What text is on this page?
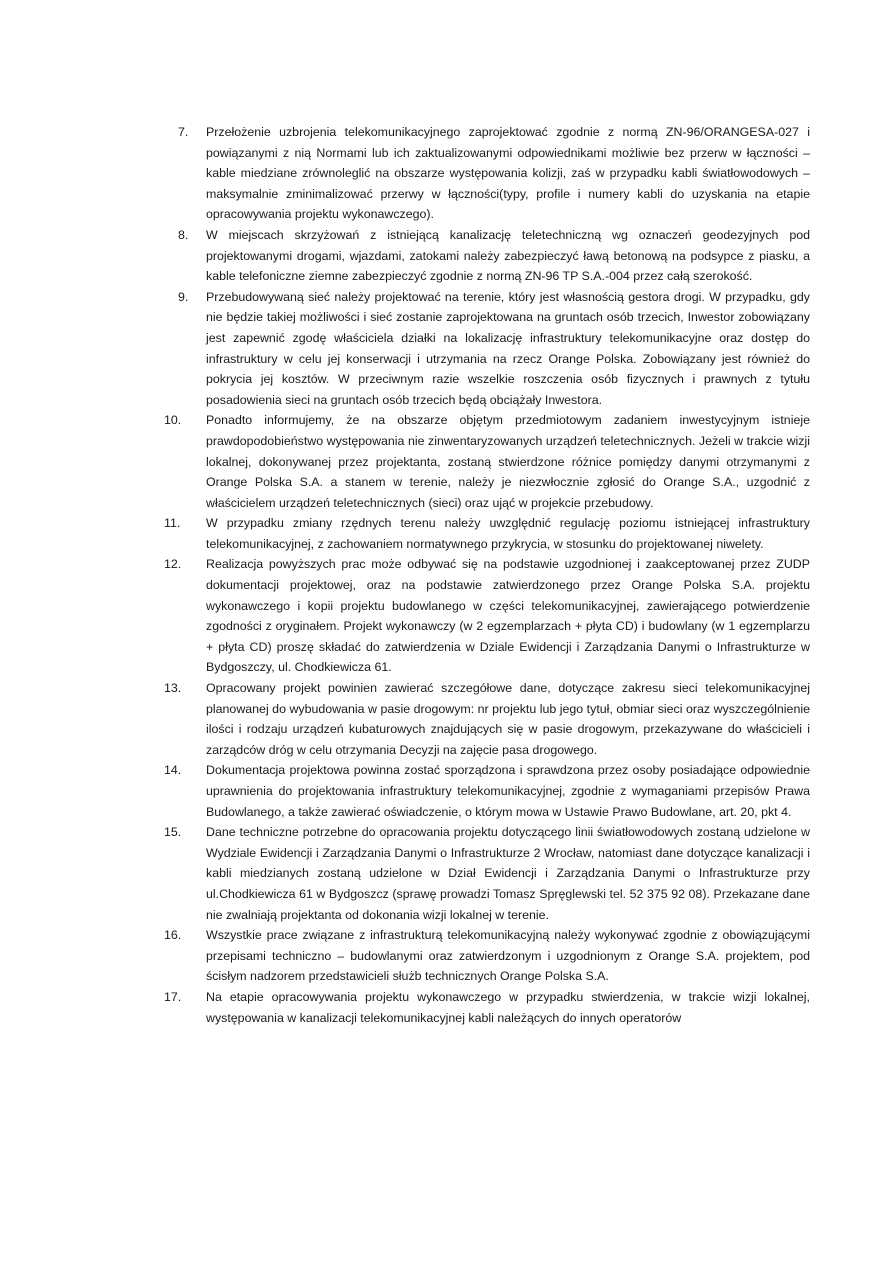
7. Przełożenie uzbrojenia telekomunikacyjnego zaprojektować zgodnie z normą ZN-96/ORANGESA-027 i powiązanymi z nią Normami lub ich zaktualizowanymi odpowiednikami możliwie bez przerw w łączności – kable miedziane zrównoleglić na obszarze występowania kolizji, zaś w przypadku kabli światłowodowych – maksymalnie zminimalizować przerwy w łączności(typy, profile i numery kabli do uzyskania na etapie opracowywania projektu wykonawczego).
8. W miejscach skrzyżowań z istniejącą kanalizację teletechniczną wg oznaczeń geodezyjnych pod projektowanymi drogami, wjazdami, zatokami należy zabezpieczyć ławą betonową na podsypce z piasku, a kable telefoniczne ziemne zabezpieczyć zgodnie z normą ZN-96 TP S.A.-004 przez całą szerokość.
9. Przebudowywaną sieć należy projektować na terenie, który jest własnością gestora drogi. W przypadku, gdy nie będzie takiej możliwości i sieć zostanie zaprojektowana na gruntach osób trzecich, Inwestor zobowiązany jest zapewnić zgodę właściciela działki na lokalizację infrastruktury telekomunikacyjne oraz dostęp do infrastruktury w celu jej konserwacji i utrzymania na rzecz Orange Polska. Zobowiązany jest również do pokrycia jej kosztów. W przeciwnym razie wszelkie roszczenia osób fizycznych i prawnych z tytułu posadowienia sieci na gruntach osób trzecich będą obciążały Inwestora.
10. Ponadto informujemy, że na obszarze objętym przedmiotowym zadaniem inwestycyjnym istnieje prawdopodobieństwo występowania nie zinwentaryzowanych urządzeń teletechnicznych. Jeżeli w trakcie wizji lokalnej, dokonywanej przez projektanta, zostaną stwierdzone różnice pomiędzy danymi otrzymanymi z Orange Polska S.A. a stanem w terenie, należy je niezwłocznie zgłosić do Orange S.A., uzgodnić z właścicielem urządzeń teletechnicznych (sieci) oraz ująć w projekcie przebudowy.
11. W przypadku zmiany rzędnych terenu należy uwzględnić regulację poziomu istniejącej infrastruktury telekomunikacyjnej, z zachowaniem normatywnego przykrycia, w stosunku do projektowanej niwelety.
12. Realizacja powyższych prac może odbywać się na podstawie uzgodnionej i zaakceptowanej przez ZUDP dokumentacji projektowej, oraz na podstawie zatwierdzonego przez Orange Polska S.A. projektu wykonawczego i kopii projektu budowlanego w części telekomunikacyjnej, zawierającego potwierdzenie zgodności z oryginałem. Projekt wykonawczy (w 2 egzemplarzach + płyta CD) i budowlany (w 1 egzemplarzu + płyta CD) proszę składać do zatwierdzenia w Dziale Ewidencji i Zarządzania Danymi o Infrastrukturze w Bydgoszczy, ul. Chodkiewicza 61.
13. Opracowany projekt powinien zawierać szczegółowe dane, dotyczące zakresu sieci telekomunikacyjnej planowanej do wybudowania w pasie drogowym: nr projektu lub jego tytuł, obmiar sieci oraz wyszczególnienie ilości i rodzaju urządzeń kubaturowych znajdujących się w pasie drogowym, przekazywane do właścicieli i zarządców dróg w celu otrzymania Decyzji na zajęcie pasa drogowego.
14. Dokumentacja projektowa powinna zostać sporządzona i sprawdzona przez osoby posiadające odpowiednie uprawnienia do projektowania infrastruktury telekomunikacyjnej, zgodnie z wymaganiami przepisów Prawa Budowlanego, a także zawierać oświadczenie, o którym mowa w Ustawie Prawo Budowlane, art. 20, pkt 4.
15. Dane techniczne potrzebne do opracowania projektu dotyczącego linii światłowodowych zostaną udzielone w Wydziale Ewidencji i Zarządzania Danymi o Infrastrukturze 2 Wrocław, natomiast dane dotyczące kanalizacji i kabli miedzianych zostaną udzielone w Dział Ewidencji i Zarządzania Danymi o Infrastrukturze przy ul.Chodkiewicza 61 w Bydgoszcz (sprawę prowadzi Tomasz Spręglewski tel. 52 375 92 08). Przekazane dane nie zwalniają projektanta od dokonania wizji lokalnej w terenie.
16. Wszystkie prace związane z infrastrukturą telekomunikacyjną należy wykonywać zgodnie z obowiązującymi przepisami techniczno – budowlanymi oraz zatwierdzonym i uzgodnionym z Orange S.A. projektem, pod ścisłym nadzorem przedstawicieli służb technicznych Orange Polska S.A.
17. Na etapie opracowywania projektu wykonawczego w przypadku stwierdzenia, w trakcie wizji lokalnej, występowania w kanalizacji telekomunikacyjnej kabli należących do innych operatorów
